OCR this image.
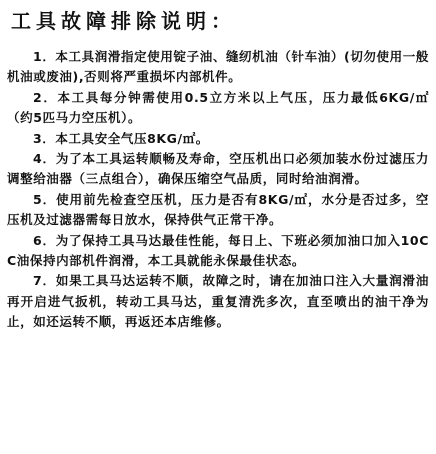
工具故障排除说明：

1．本工具润滑指定使用锭子油、缝纫机油（针车油）(切勿使用一般机油或废油),否则将严重损坏内部机件。

2．本工具每分钟需使用0.5立方米以上气压，压力最低6KG/㎡（约5匹马力空压机）。

3．本工具安全气压8KG/㎡。

4．为了本工具运转顺畅及寿命，空压机出口必须加装水份过滤压力调整给油器（三点组合），确保压缩空气品质，同时给油润滑。

5．使用前先检查空压机，压力是否有8KG/㎡，水分是否过多，空压机及过滤器需每日放水，保持供气正常干净。

6．为了保持工具马达最佳性能，每日上、下班必须加油口加入10CC油保持内部机件润滑，本工具就能永保最佳状态。

7．如果工具马达运转不顺，故障之时，请在加油口注入大量润滑油再开启进气扳机，转动工具马达，重复清洗多次，直至喷出的油干净为止，如还运转不顺，再返还本店维修。
